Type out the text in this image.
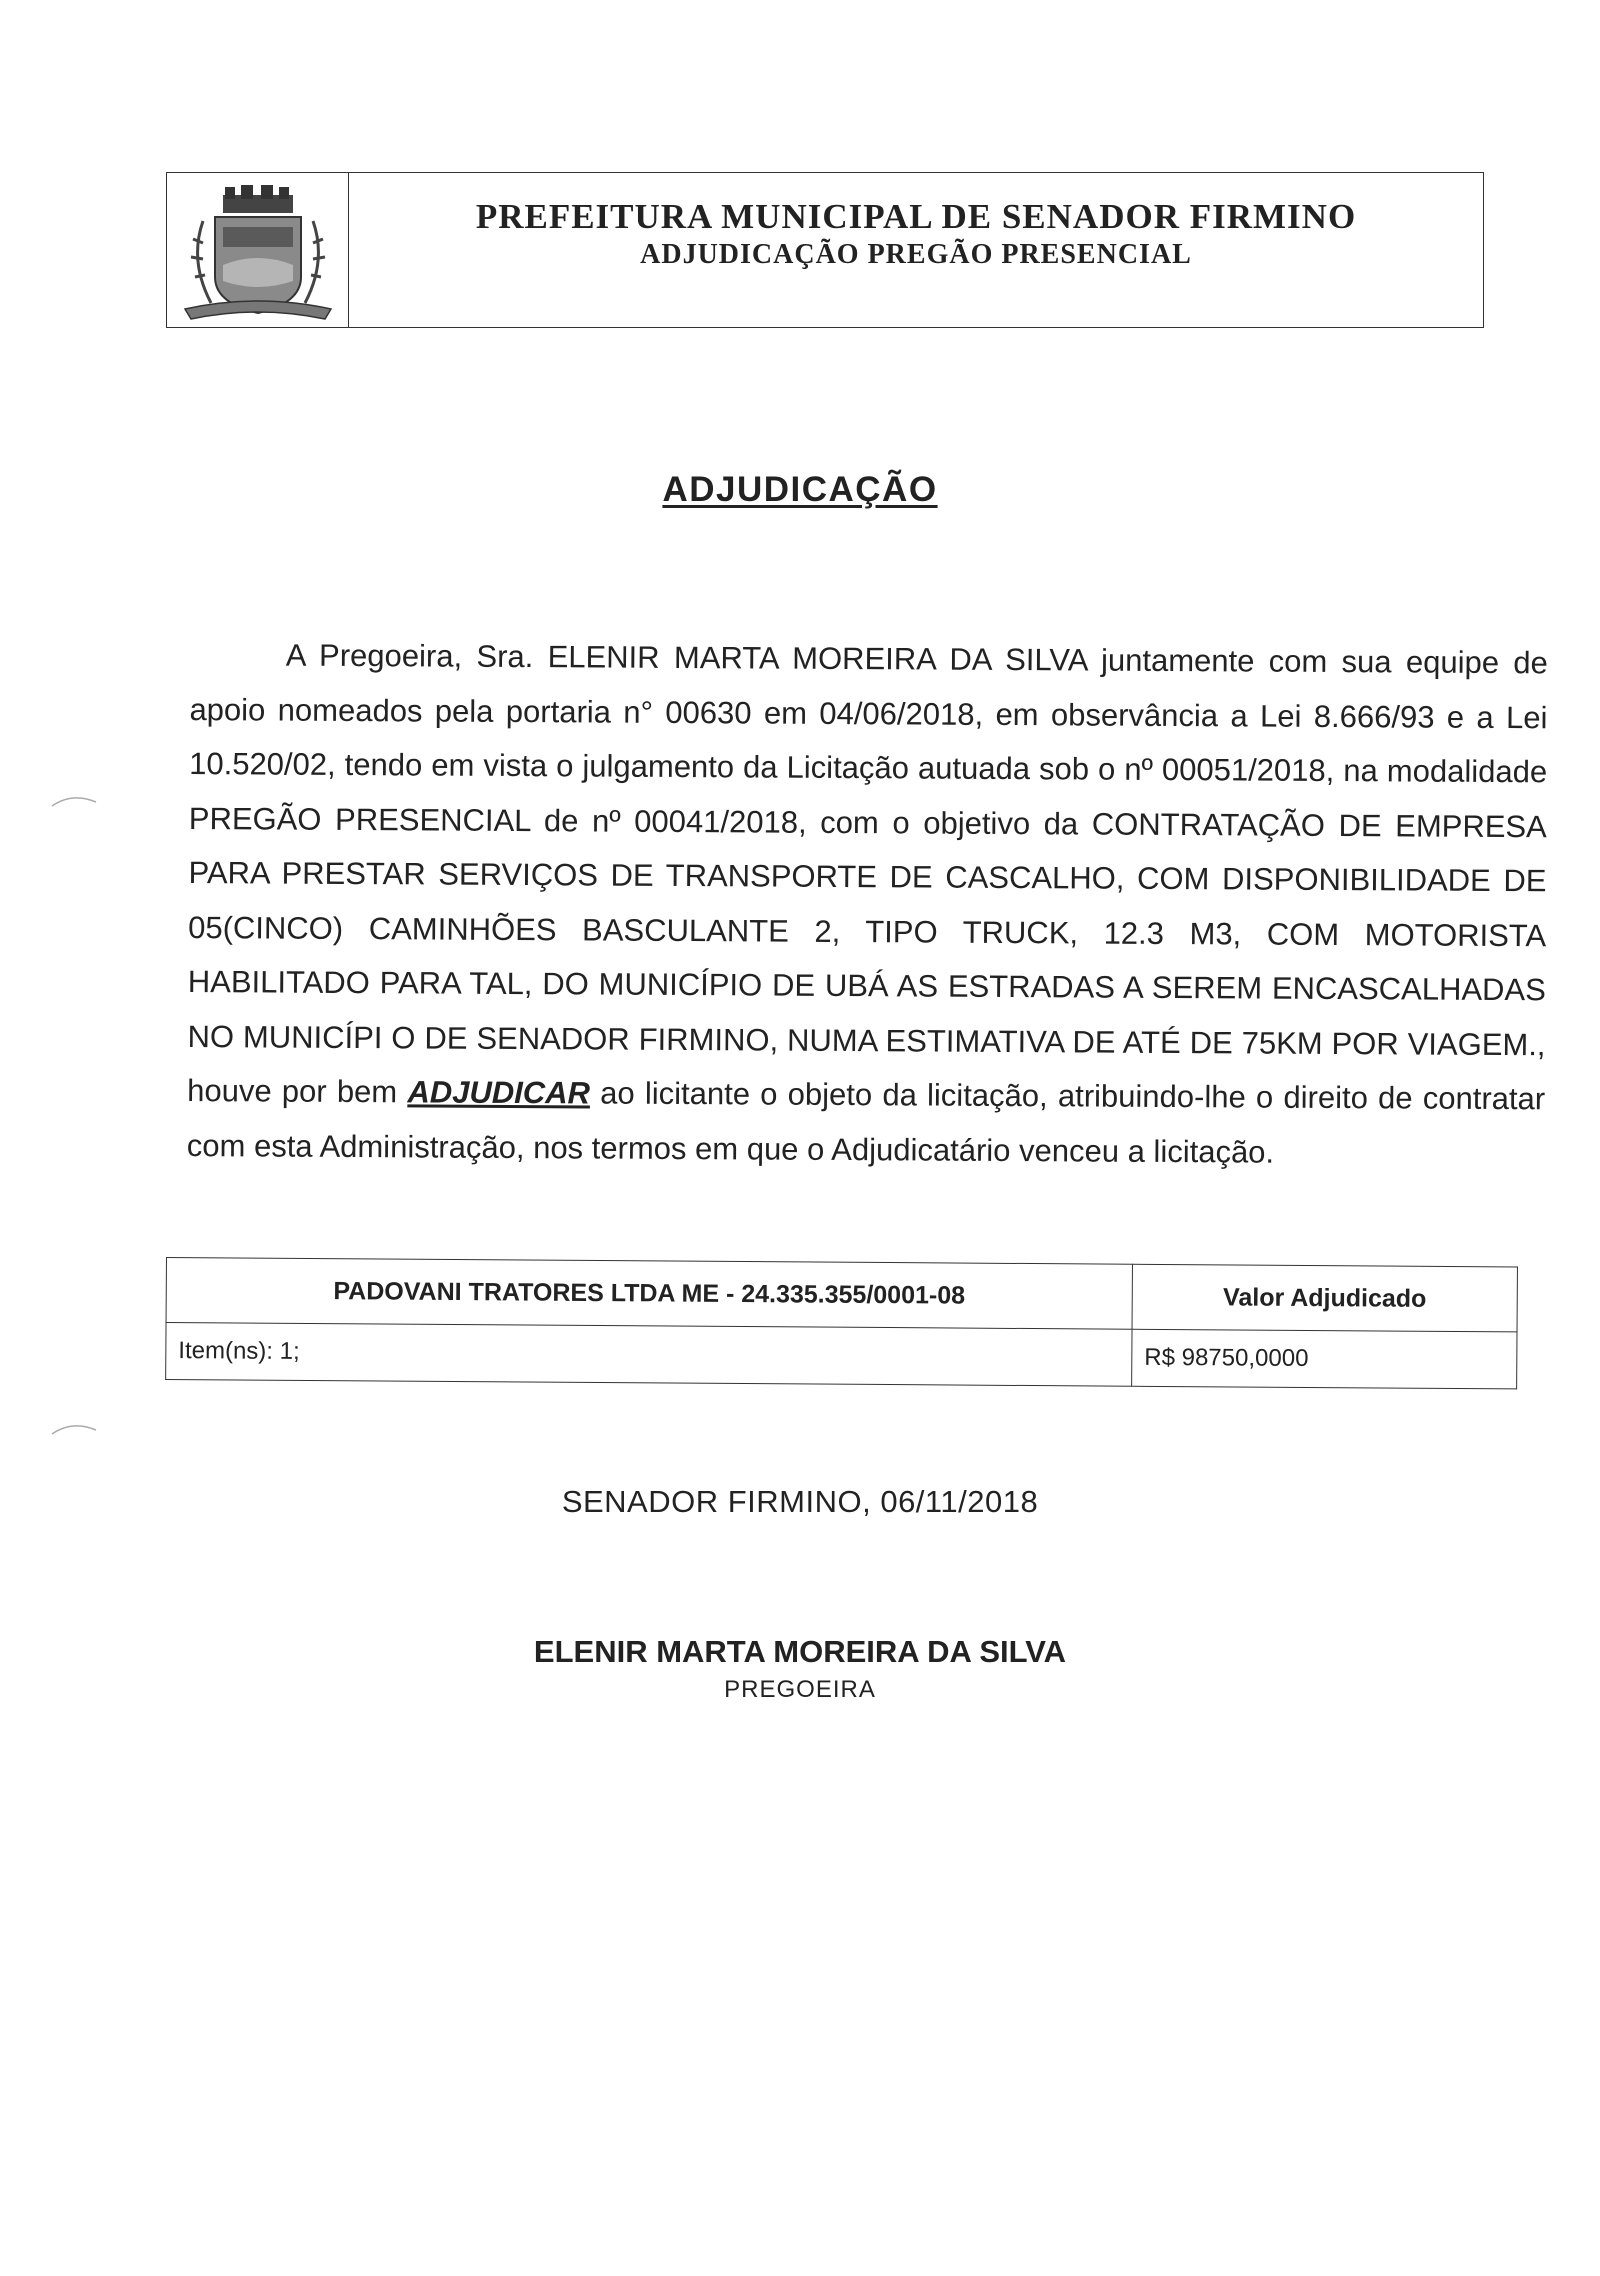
PREFEITURA MUNICIPAL DE SENADOR FIRMINO
ADJUDICAÇÃO PREGÃO PRESENCIAL
ADJUDICAÇÃO
A Pregoeira, Sra. ELENIR MARTA MOREIRA DA SILVA juntamente com sua equipe de apoio nomeados pela portaria n° 00630 em 04/06/2018, em observância a Lei 8.666/93 e a Lei 10.520/02, tendo em vista o julgamento da Licitação autuada sob o nº 00051/2018, na modalidade PREGÃO PRESENCIAL de nº 00041/2018, com o objetivo da CONTRATAÇÃO DE EMPRESA PARA PRESTAR SERVIÇOS DE TRANSPORTE DE CASCALHO, COM DISPONIBILIDADE DE 05(CINCO) CAMINHÕES BASCULANTE 2, TIPO TRUCK, 12.3 M3, COM MOTORISTA HABILITADO PARA TAL, DO MUNICÍPIO DE UBÁ AS ESTRADAS A SEREM ENCASCALHADAS NO MUNICÍPI O DE SENADOR FIRMINO, NUMA ESTIMATIVA DE ATÉ DE 75KM POR VIAGEM., houve por bem ADJUDICAR ao licitante o objeto da licitação, atribuindo-lhe o direito de contratar com esta Administração, nos termos em que o Adjudicatário venceu a licitação.
PADOVANI TRATORES LTDA ME - 24.335.355/0001-08	Valor Adjudicado
Item(ns): 1;	R$ 98750,0000
SENADOR FIRMINO, 06/11/2018
ELENIR MARTA MOREIRA DA SILVA
PREGOEIRA
